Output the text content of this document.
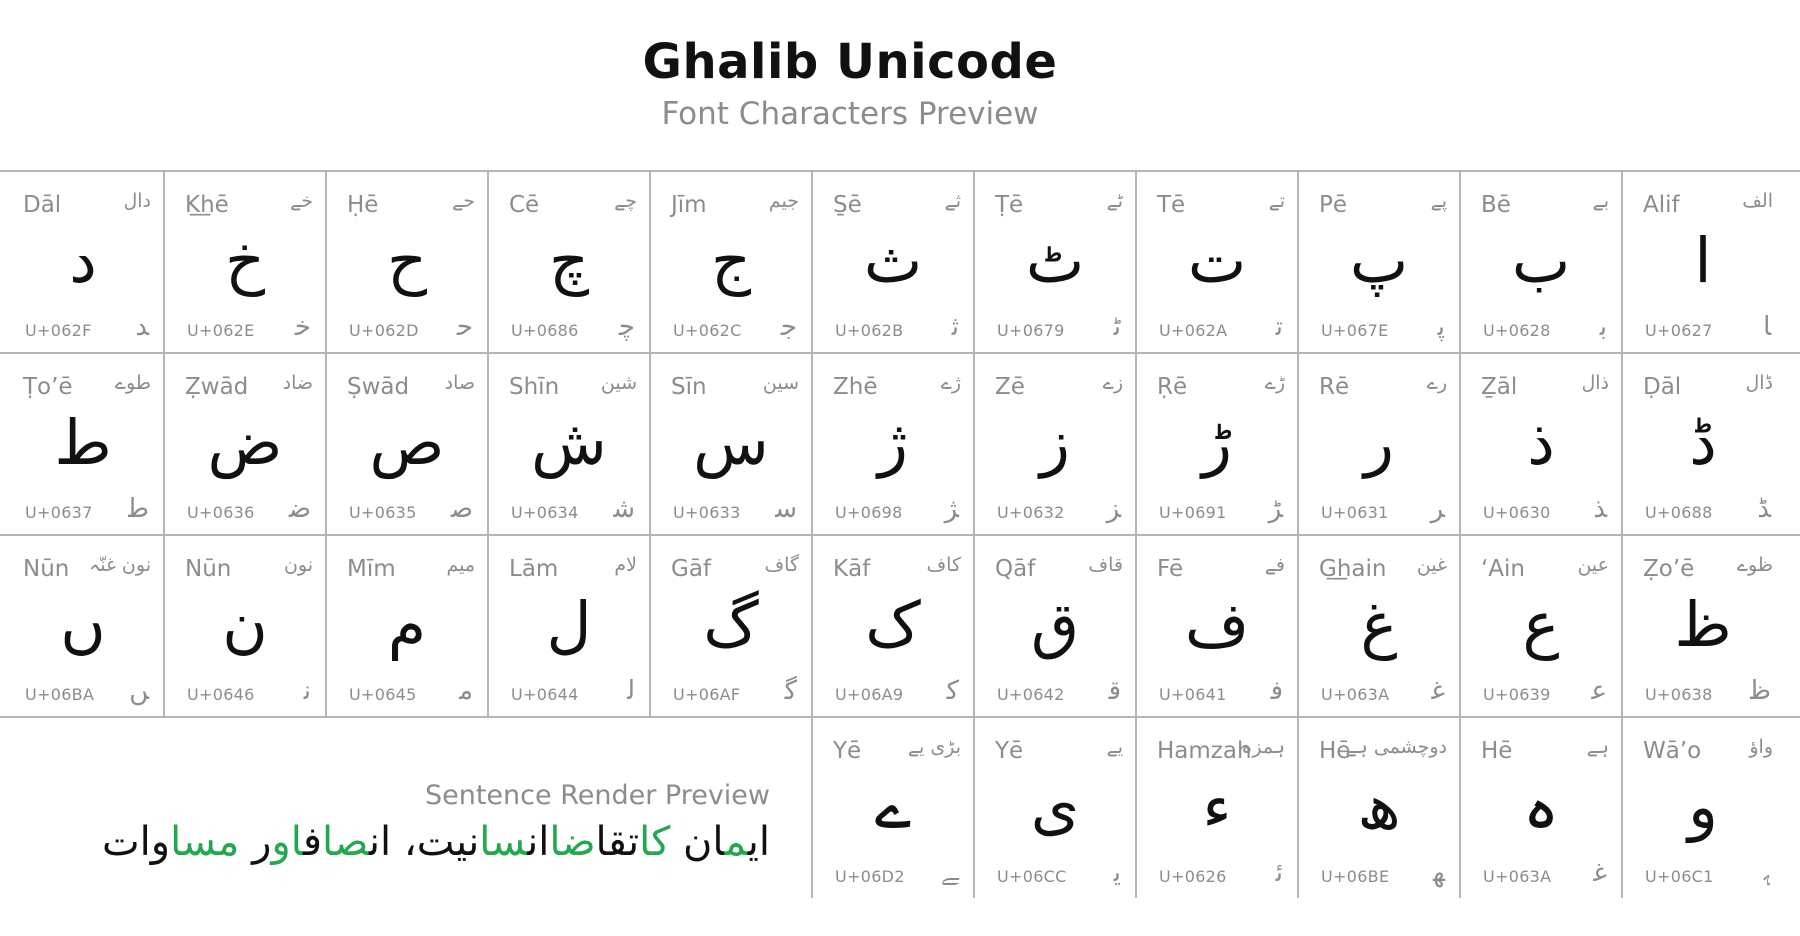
Ghalib Unicode
Font Characters Preview
Alif	الف
ا
U+0627 ﺎ
Bē	بے
ب
U+0628 ﺑ
Pē	پے
پ
U+067E ﭘ
Tē	تے
ت
U+062A ﺗ
Ṭē	ٹے
ٹ
U+0679 ﭨ
S̱ē	ثے
ث
U+062B ﺛ
Jīm	جیم
ج
U+062C ﺟ
Cē	چے
چ
U+0686 ﭼ
Ḥē	حے
ح
U+062D ﺣ
K͟hē	خے
خ
U+062E ﺧ
Dāl	دال
د
U+062F ﺪ
Ḍāl	ڈال
ڈ
U+0688 ﮉ
Ẕāl	ذال
ذ
U+0630 ﺬ
Rē	رے
ر
U+0631 ﺮ
Ṛē	ڑے
ڑ
U+0691 ﮍ
Zē	زے
ز
U+0632 ﺰ
Zhē	ژے
ژ
U+0698 ﮋ
Sīn	سین
س
U+0633 ﺳ
Shīn شین
ش
U+0634 ﺷ
Ṣwād صاد
ص
U+0635 ﺻ
Ẓwād ضاد
ض
U+0636 ﺿ
Ṭo’ē طوے
ط
U+0637 ﻃ
Ẓo’ē ظوے
ظ
U+0638 ﻇ
‘Ain	عین
ع
U+0639 ﻋ
G͟hain غین
غ
U+063A ﻏ
Fē	فے
ف
U+0641 ﻓ
Qāf	قاف
ق
U+0642 ﻗ
Kāf	کاف
ک
U+06A9 ﮐ
Gāf	گاف
گ
U+06AF ﮔ
Lām	لام
ل
U+0644 ﻟ
Mīm	میم
م
U+0645 ﻣ
Nūn	نون
ن
U+0646 ﻧ
Nūn نون غنّہ
ں
U+06BA ﮟ
Wā’o	واؤ
و
U+06C1 ﮨ
Hē	ہے
ہ
U+063A ﻏ
Hē
دوچشمی ہے
ھ
U+06BE ﮭ
Hamzah
ہمزہ
ء
U+0626 ﺋ
Yē	یے
ی
U+06CC ﯾ
Yē بڑی یے
ے
U+06D2 ﮯ
Sentence Render Preview
ایمان کاتقاضاانسانیت، انصافاور مساوات
